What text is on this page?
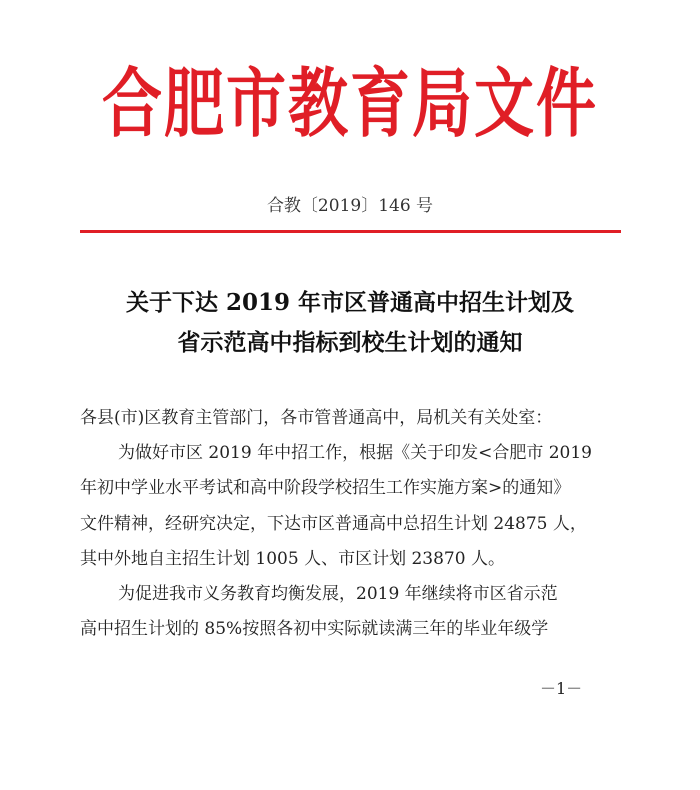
合肥市教育局文件
合教〔2019〕146 号
关于下达 2019 年市区普通高中招生计划及
省示范高中指标到校生计划的通知
各县(市)区教育主管部门，各市管普通高中，局机关有关处室：
为做好市区 2019 年中招工作，根据《关于印发<合肥市 2019
年初中学业水平考试和高中阶段学校招生工作实施方案>的通知》
文件精神，经研究决定，下达市区普通高中总招生计划 24875 人，
其中外地自主招生计划 1005 人、市区计划 23870 人。
为促进我市义务教育均衡发展，2019 年继续将市区省示范
高中招生计划的 85%按照各初中实际就读满三年的毕业年级学
－1－
